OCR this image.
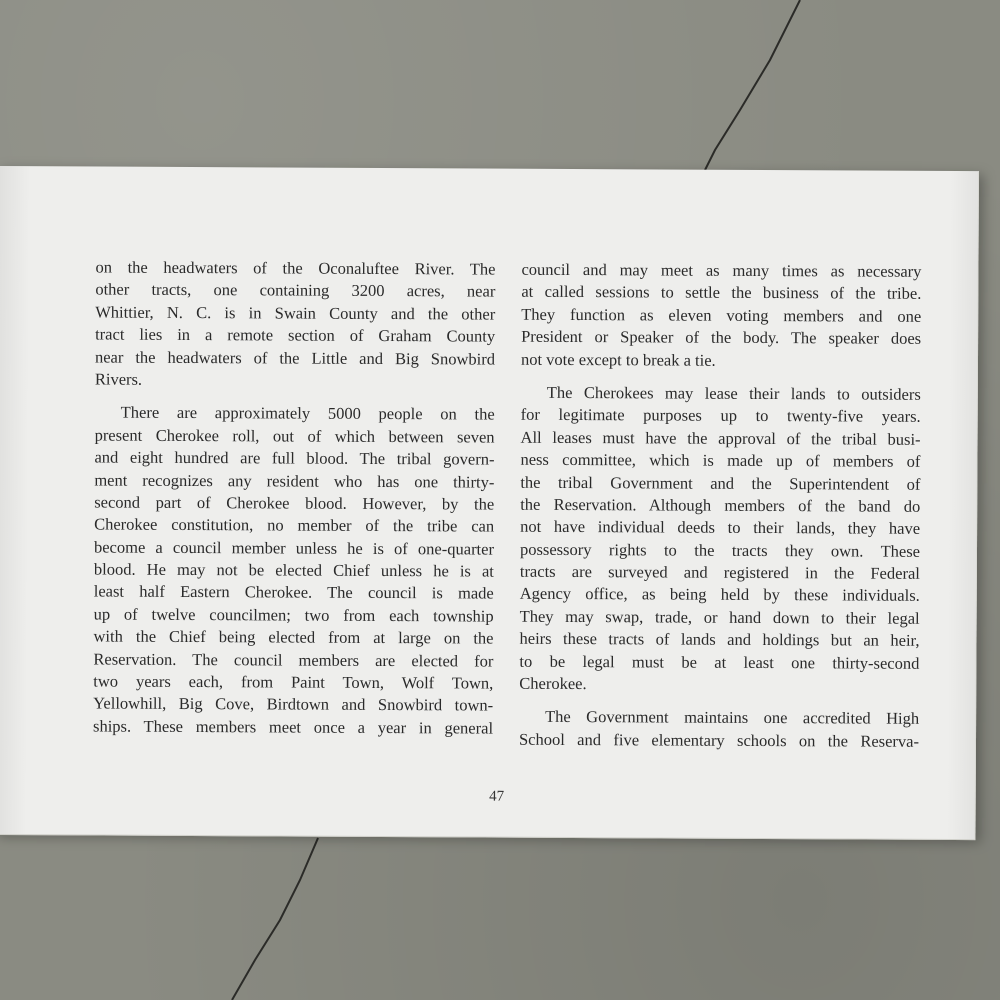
on the headwaters of the Oconaluftee River. The
other tracts, one containing 3200 acres, near
Whittier, N. C. is in Swain County and the other
tract lies in a remote section of Graham County
near the headwaters of the Little and Big Snowbird
Rivers.
There are approximately 5000 people on the
present Cherokee roll, out of which between seven
and eight hundred are full blood. The tribal govern-
ment recognizes any resident who has one thirty-
second part of Cherokee blood. However, by the
Cherokee constitution, no member of the tribe can
become a council member unless he is of one-quarter
blood. He may not be elected Chief unless he is at
least half Eastern Cherokee. The council is made
up of twelve councilmen; two from each township
with the Chief being elected from at large on the
Reservation. The council members are elected for
two years each, from Paint Town, Wolf Town,
Yellowhill, Big Cove, Birdtown and Snowbird town-
ships. These members meet once a year in general
council and may meet as many times as necessary
at called sessions to settle the business of the tribe.
They function as eleven voting members and one
President or Speaker of the body. The speaker does
not vote except to break a tie.
The Cherokees may lease their lands to outsiders
for legitimate purposes up to twenty-five years.
All leases must have the approval of the tribal busi-
ness committee, which is made up of members of
the tribal Government and the Superintendent of
the Reservation. Although members of the band do
not have individual deeds to their lands, they have
possessory rights to the tracts they own. These
tracts are surveyed and registered in the Federal
Agency office, as being held by these individuals.
They may swap, trade, or hand down to their legal
heirs these tracts of lands and holdings but an heir,
to be legal must be at least one thirty-second
Cherokee.
The Government maintains one accredited High
School and five elementary schools on the Reserva-
47
